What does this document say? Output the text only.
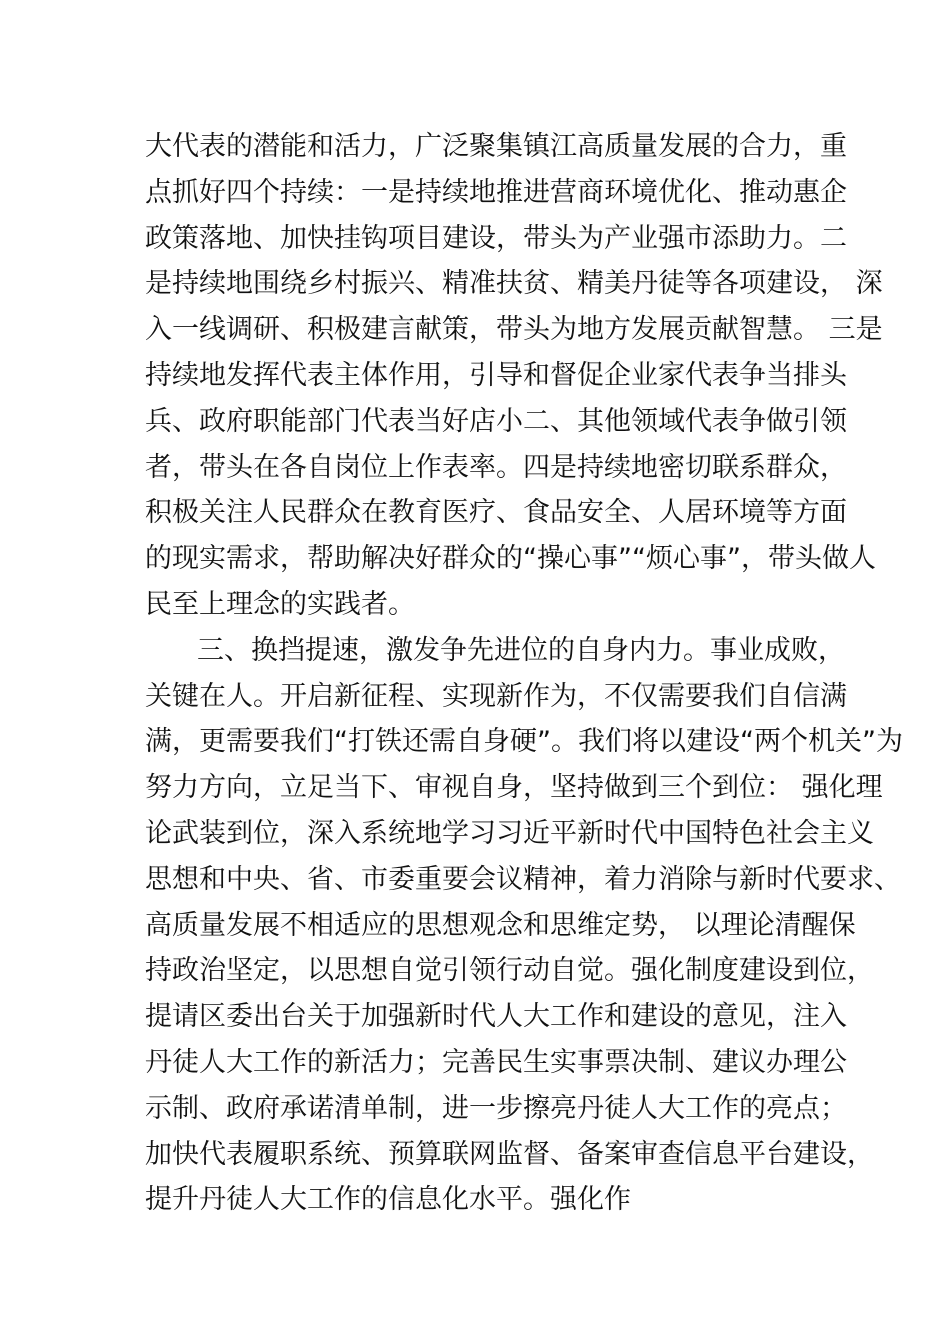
大代表的潜能和活力，广泛聚集镇江高质量发展的合力，重
点抓好四个持续：一是持续地推进营商环境优化、推动惠企
政策落地、加快挂钩项目建设，带头为产业强市添助力。二
是持续地围绕乡村振兴、精准扶贫、精美丹徒等各项建设， 深
入一线调研、积极建言献策，带头为地方发展贡献智慧。 三是
持续地发挥代表主体作用，引导和督促企业家代表争当排头
兵、政府职能部门代表当好店小二、其他领域代表争做引领
者，带头在各自岗位上作表率。四是持续地密切联系群众，
积极关注人民群众在教育医疗、食品安全、人居环境等方面
的现实需求，帮助解决好群众的“操心事”“烦心事”，带头做人
民至上理念的实践者。
三、换挡提速，激发争先进位的自身内力。事业成败，
关键在人。开启新征程、实现新作为，不仅需要我们自信满
满，更需要我们“打铁还需自身硬”。我们将以建设“两个机关”为
努力方向，立足当下、审视自身，坚持做到三个到位： 强化理
论武装到位，深入系统地学习习近平新时代中国特色社会主义
思想和中央、省、市委重要会议精神，着力消除与新时代要求、
高质量发展不相适应的思想观念和思维定势， 以理论清醒保
持政治坚定，以思想自觉引领行动自觉。强化制度建设到位，
提请区委出台关于加强新时代人大工作和建设的意见，注入
丹徒人大工作的新活力；完善民生实事票决制、建议办理公
示制、政府承诺清单制，进一步擦亮丹徒人大工作的亮点；
加快代表履职系统、预算联网监督、备案审查信息平台建设，
提升丹徒人大工作的信息化水平。强化作
